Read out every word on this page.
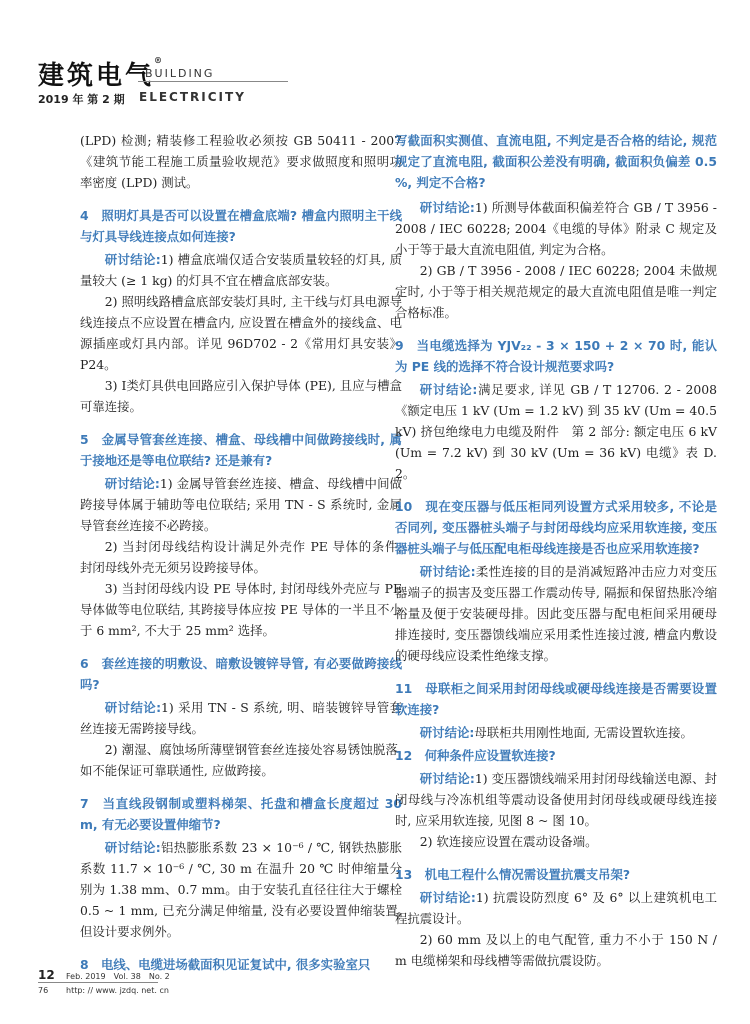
建筑电气®
BUILDING
2019 年 第 2 期 ELECTRICITY

(LPD) 检测; 精装修工程验收必须按 GB 50411 - 2007《建筑节能工程施工质量验收规范》要求做照度和照明功率密度 (LPD) 测试。

4　照明灯具是否可以设置在槽盒底端? 槽盒内照明主干线与灯具导线连接点如何连接?

研讨结论:1) 槽盒底端仅适合安装质量较轻的灯具, 质量较大 (≥ 1 kg) 的灯具不宜在槽盒底部安装。

2) 照明线路槽盒底部安装灯具时, 主干线与灯具电源导线连接点不应设置在槽盒内, 应设置在槽盒外的接线盒、电源插座或灯具内部。详见 96D702 - 2《常用灯具安装》P24。

3) Ⅰ类灯具供电回路应引入保护导体 (PE), 且应与槽盒可靠连接。

5　金属导管套丝连接、槽盒、母线槽中间做跨接线时, 属于接地还是等电位联结? 还是兼有?

研讨结论:1) 金属导管套丝连接、槽盒、母线槽中间做跨接导体属于辅助等电位联结; 采用 TN - S 系统时, 金属导管套丝连接不必跨接。

2) 当封闭母线结构设计满足外壳作 PE 导体的条件, 封闭母线外壳无须另设跨接导体。

3) 当封闭母线内设 PE 导体时, 封闭母线外壳应与 PE 导体做等电位联结, 其跨接导体应按 PE 导体的一半且不小于 6 mm², 不大于 25 mm² 选择。

6　套丝连接的明敷设、暗敷设镀锌导管, 有必要做跨接线吗?

研讨结论:1) 采用 TN - S 系统, 明、暗装镀锌导管套丝连接无需跨接导线。

2) 潮湿、腐蚀场所薄壁钢管套丝连接处容易锈蚀脱落, 如不能保证可靠联通性, 应做跨接。

7　当直线段钢制或塑料梯架、托盘和槽盒长度超过 30 m, 有无必要设置伸缩节?

研讨结论:铝热膨胀系数 23 × 10⁻⁶ / ℃, 钢铁热膨胀系数 11.7 × 10⁻⁶ / ℃, 30 m 在温升 20 ℃ 时伸缩量分别为 1.38 mm、0.7 mm。由于安装孔直径往往大于螺栓 0.5 ~ 1 mm, 已充分满足伸缩量, 没有必要设置伸缩装置, 但设计要求例外。

8　电线、电缆进场截面积见证复试中, 很多实验室只
写截面积实测值、直流电阻, 不判定是否合格的结论, 规范规定了直流电阻, 截面积公差没有明确, 截面积负偏差 0.5 %, 判定不合格?

研讨结论:1) 所测导体截面积偏差符合 GB / T 3956 - 2008 / IEC 60228; 2004《电缆的导体》附录 C 规定及小于等于最大直流电阻值, 判定为合格。

2) GB / T 3956 - 2008 / IEC 60228; 2004 未做规定时, 小于等于相关规范规定的最大直流电阻值是唯一判定合格标准。

9　当电缆选择为 YJV₂₂ - 3 × 150 + 2 × 70 时, 能认为 PE 线的选择不符合设计规范要求吗?

研讨结论:满足要求, 详见 GB / T 12706. 2 - 2008《额定电压 1 kV (Um = 1.2 kV) 到 35 kV (Um = 40.5 kV) 挤包绝缘电力电缆及附件　第 2 部分: 额定电压 6 kV (Um = 7.2 kV) 到 30 kV (Um = 36 kV) 电缆》表 D. 2。

10　现在变压器与低压柜同列设置方式采用较多, 不论是否同列, 变压器桩头端子与封闭母线均应采用软连接, 变压器桩头端子与低压配电柜母线连接是否也应采用软连接?

研讨结论:柔性连接的目的是消减短路冲击应力对变压器端子的损害及变压器工作震动传导, 隔振和保留热胀冷缩裕量及便于安装硬母排。因此变压器与配电柜间采用硬母排连接时, 变压器馈线端应采用柔性连接过渡, 槽盒内敷设的硬母线应设柔性绝缘支撑。

11　母联柜之间采用封闭母线或硬母线连接是否需要设置软连接?

研讨结论:母联柜共用刚性地面, 无需设置软连接。

12　何种条件应设置软连接?

研讨结论:1) 变压器馈线端采用封闭母线输送电源、封闭母线与冷冻机组等震动设备使用封闭母线或硬母线连接时, 应采用软连接, 见图 8 ~ 图 10。

2) 软连接应设置在震动设备端。

13　机电工程什么情况需设置抗震支吊架?

研讨结论:1) 抗震设防烈度 6° 及 6° 以上建筑机电工程抗震设计。

2) 60 mm 及以上的电气配管, 重力不小于 150 N / m 电缆梯架和母线槽等需做抗震设防。

12 Feb. 2019　Vol. 38　No. 2
76 http: // www. jzdq. net. cn
